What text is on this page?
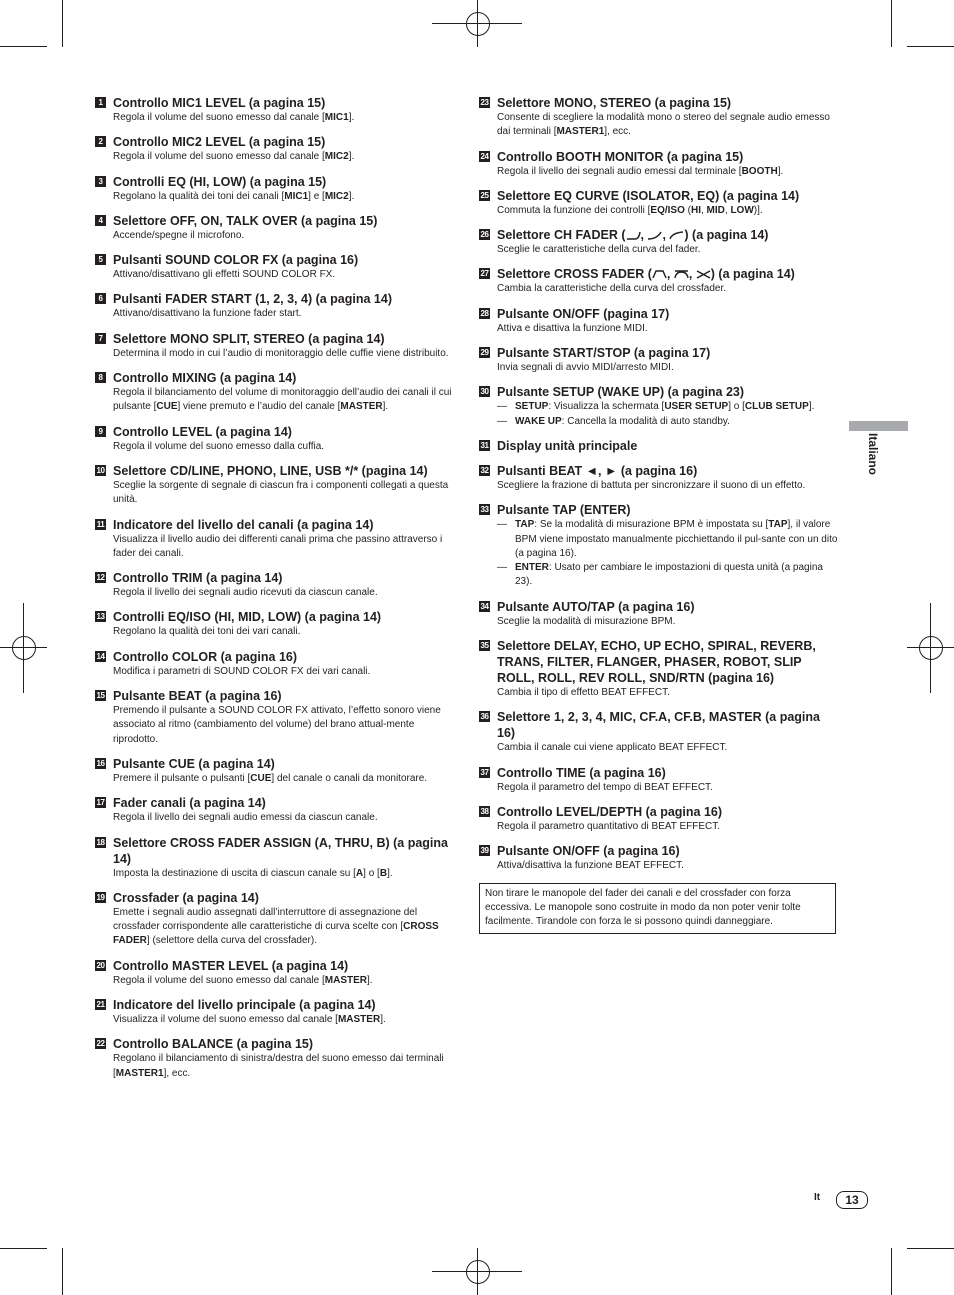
1 Controllo MIC1 LEVEL (a pagina 15)
Regola il volume del suono emesso dal canale [MIC1].
2 Controllo MIC2 LEVEL (a pagina 15)
Regola il volume del suono emesso dal canale [MIC2].
3 Controlli EQ (HI, LOW) (a pagina 15)
Regolano la qualità dei toni dei canali [MIC1] e [MIC2].
4 Selettore OFF, ON, TALK OVER (a pagina 15)
Accende/spegne il microfono.
5 Pulsanti SOUND COLOR FX (a pagina 16)
Attivano/disattivano gli effetti SOUND COLOR FX.
6 Pulsanti FADER START (1, 2, 3, 4) (a pagina 14)
Attivano/disattivano la funzione fader start.
7 Selettore MONO SPLIT, STEREO (a pagina 14)
Determina il modo in cui l’audio di monitoraggio delle cuffie viene distribuito.
8 Controllo MIXING (a pagina 14)
Regola il bilanciamento del volume di monitoraggio dell’audio dei canali il cui pulsante [CUE] viene premuto e l’audio del canale [MASTER].
9 Controllo LEVEL (a pagina 14)
Regola il volume del suono emesso dalla cuffia.
10 Selettore CD/LINE, PHONO, LINE, USB */* (pagina 14)
Sceglie la sorgente di segnale di ciascun fra i componenti collegati a questa unità.
11 Indicatore del livello del canali (a pagina 14)
Visualizza il livello audio dei differenti canali prima che passino attraverso i fader dei canali.
12 Controllo TRIM (a pagina 14)
Regola il livello dei segnali audio ricevuti da ciascun canale.
13 Controlli EQ/ISO (HI, MID, LOW) (a pagina 14)
Regolano la qualità dei toni dei vari canali.
14 Controllo COLOR (a pagina 16)
Modifica i parametri di SOUND COLOR FX dei vari canali.
15 Pulsante BEAT (a pagina 16)
Premendo il pulsante a SOUND COLOR FX attivato, l’effetto sonoro viene associato al ritmo (cambiamento del volume) del brano attual-mente riprodotto.
16 Pulsante CUE (a pagina 14)
Premere il pulsante o pulsanti [CUE] del canale o canali da monitorare.
17 Fader canali (a pagina 14)
Regola il livello dei segnali audio emessi da ciascun canale.
18 Selettore CROSS FADER ASSIGN (A, THRU, B) (a pagina 14)
Imposta la destinazione di uscita di ciascun canale su [A] o [B].
19 Crossfader (a pagina 14)
Emette i segnali audio assegnati dall’interruttore di assegnazione del crossfader corrispondente alle caratteristiche di curva scelte con [CROSS FADER] (selettore della curva del crossfader).
20 Controllo MASTER LEVEL (a pagina 14)
Regola il volume del suono emesso dal canale [MASTER].
21 Indicatore del livello principale (a pagina 14)
Visualizza il volume del suono emesso dal canale [MASTER].
22 Controllo BALANCE (a pagina 15)
Regolano il bilanciamento di sinistra/destra del suono emesso dai terminali [MASTER1], ecc.
23 Selettore MONO, STEREO (a pagina 15)
Consente di scegliere la modalità mono o stereo del segnale audio emesso dai terminali [MASTER1], ecc.
24 Controllo BOOTH MONITOR (a pagina 15)
Regola il livello dei segnali audio emessi dal terminale [BOOTH].
25 Selettore EQ CURVE (ISOLATOR, EQ) (a pagina 14)
Commuta la funzione dei controlli [EQ/ISO (HI, MID, LOW)].
26 Selettore CH FADER ( , , ) (a pagina 14)
Sceglie le caratteristiche della curva del fader.
27 Selettore CROSS FADER ( , , ) (a pagina 14)
Cambia la caratteristiche della curva del crossfader.
28 Pulsante ON/OFF (pagina 17)
Attiva e disattiva la funzione MIDI.
29 Pulsante START/STOP (a pagina 17)
Invia segnali di avvio MIDI/arresto MIDI.
30 Pulsante SETUP (WAKE UP) (a pagina 23)
— SETUP: Visualizza la schermata [USER SETUP] o [CLUB SETUP].
— WAKE UP: Cancella la modalità di auto standby.
31 Display unità principale
32 Pulsanti BEAT ◄, ► (a pagina 16)
Scegliere la frazione di battuta per sincronizzare il suono di un effetto.
33 Pulsante TAP (ENTER)
— TAP: Se la modalità di misurazione BPM è impostata su [TAP], il valore BPM viene impostato manualmente picchiettando il pul-sante con un dito (a pagina 16).
— ENTER: Usato per cambiare le impostazioni di questa unità (a pagina 23).
34 Pulsante AUTO/TAP (a pagina 16)
Sceglie la modalità di misurazione BPM.
35 Selettore DELAY, ECHO, UP ECHO, SPIRAL, REVERB, TRANS, FILTER, FLANGER, PHASER, ROBOT, SLIP ROLL, ROLL, REV ROLL, SND/RTN (pagina 16)
Cambia il tipo di effetto BEAT EFFECT.
36 Selettore 1, 2, 3, 4, MIC, CF.A, CF.B, MASTER (a pagina 16)
Cambia il canale cui viene applicato BEAT EFFECT.
37 Controllo TIME (a pagina 16)
Regola il parametro del tempo di BEAT EFFECT.
38 Controllo LEVEL/DEPTH (a pagina 16)
Regola il parametro quantitativo di BEAT EFFECT.
39 Pulsante ON/OFF (a pagina 16)
Attiva/disattiva la funzione BEAT EFFECT.
Non tirare le manopole del fader dei canali e del crossfader con forza eccessiva. Le manopole sono costruite in modo da non poter venir tolte facilmente. Tirandole con forza le si possono quindi danneggiare.
Italiano
It	13
